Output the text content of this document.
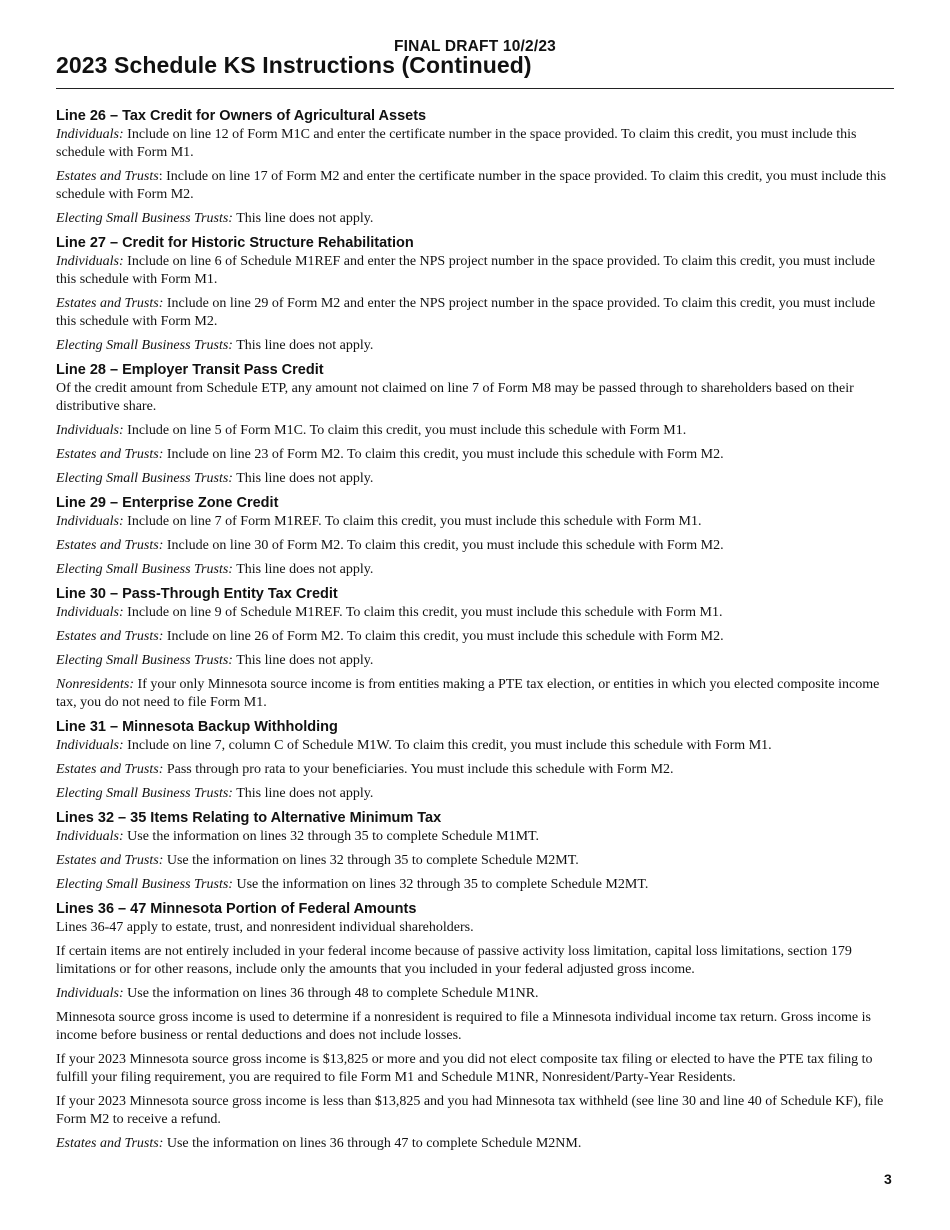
FINAL DRAFT 10/2/23
2023 Schedule KS Instructions (Continued)
Line 26 – Tax Credit for Owners of Agricultural Assets

Individuals: Include on line 12 of Form M1C and enter the certificate number in the space provided. To claim this credit, you must include this schedule with Form M1.

Estates and Trusts: Include on line 17 of Form M2 and enter the certificate number in the space provided. To claim this credit, you must include this schedule with Form M2.

Electing Small Business Trusts: This line does not apply.

Line 27 – Credit for Historic Structure Rehabilitation

Individuals: Include on line 6 of Schedule M1REF and enter the NPS project number in the space provided. To claim this credit, you must include this schedule with Form M1.

Estates and Trusts: Include on line 29 of Form M2 and enter the NPS project number in the space provided. To claim this credit, you must include this schedule with Form M2.

Electing Small Business Trusts: This line does not apply.

Line 28 – Employer Transit Pass Credit

Of the credit amount from Schedule ETP, any amount not claimed on line 7 of Form M8 may be passed through to shareholders based on their distributive share.

Individuals: Include on line 5 of Form M1C. To claim this credit, you must include this schedule with Form M1.

Estates and Trusts: Include on line 23 of Form M2. To claim this credit, you must include this schedule with Form M2.

Electing Small Business Trusts: This line does not apply.

Line 29 – Enterprise Zone Credit

Individuals: Include on line 7 of Form M1REF. To claim this credit, you must include this schedule with Form M1.

Estates and Trusts: Include on line 30 of Form M2. To claim this credit, you must include this schedule with Form M2.

Electing Small Business Trusts: This line does not apply.

Line 30 – Pass-Through Entity Tax Credit

Individuals: Include on line 9 of Schedule M1REF. To claim this credit, you must include this schedule with Form M1.

Estates and Trusts: Include on line 26 of Form M2. To claim this credit, you must include this schedule with Form M2.

Electing Small Business Trusts: This line does not apply.

Nonresidents: If your only Minnesota source income is from entities making a PTE tax election, or entities in which you elected composite income tax, you do not need to file Form M1.

Line 31 – Minnesota Backup Withholding

Individuals: Include on line 7, column C of Schedule M1W. To claim this credit, you must include this schedule with Form M1.

Estates and Trusts: Pass through pro rata to your beneficiaries. You must include this schedule with Form M2.

Electing Small Business Trusts: This line does not apply.

Lines 32 – 35 Items Relating to Alternative Minimum Tax

Individuals: Use the information on lines 32 through 35 to complete Schedule M1MT.

Estates and Trusts: Use the information on lines 32 through 35 to complete Schedule M2MT.

Electing Small Business Trusts: Use the information on lines 32 through 35 to complete Schedule M2MT.

Lines 36 – 47 Minnesota Portion of Federal Amounts

Lines 36-47 apply to estate, trust, and nonresident individual shareholders.

If certain items are not entirely included in your federal income because of passive activity loss limitation, capital loss limitations, section 179 limitations or for other reasons, include only the amounts that you included in your federal adjusted gross income.

Individuals: Use the information on lines 36 through 48 to complete Schedule M1NR.

Minnesota source gross income is used to determine if a nonresident is required to file a Minnesota individual income tax return. Gross income is income before business or rental deductions and does not include losses.

If your 2023 Minnesota source gross income is $13,825 or more and you did not elect composite tax filing or elected to have the PTE tax filing to fulfill your filing requirement, you are required to file Form M1 and Schedule M1NR, Nonresident/Party-Year Residents.

If your 2023 Minnesota source gross income is less than $13,825 and you had Minnesota tax withheld (see line 30 and line 40 of Schedule KF), file Form M2 to receive a refund.

Estates and Trusts: Use the information on lines 36 through 47 to complete Schedule M2NM.

3
